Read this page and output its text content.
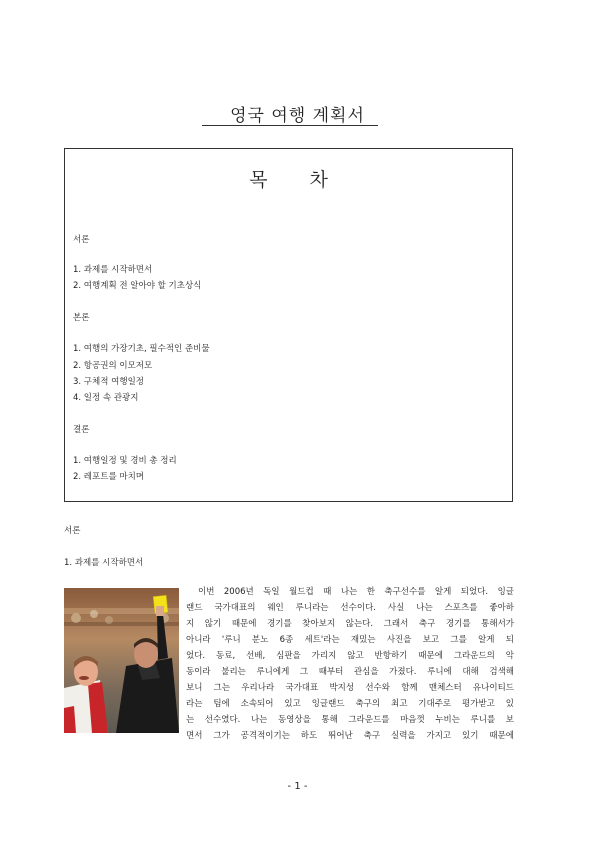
영국 여행 계획서
목 차
서론
1. 과제를 시작하면서
2. 여행계획 전 알아야 할 기초상식
본론
1. 여행의 가장기초, 필수적인 준비물
2. 항공권의 이모저모
3. 구체적 여행일정
4. 일정 속 관광지
결론
1. 여행일정 및 경비 총 정리
2. 레포트를 마치며
서론
1. 과제를 시작하면서
이번 2006년 독일 월드컵 때 나는 한 축구선수를 알게 되었다. 잉글
랜드 국가대표의 웨인 루니라는 선수이다. 사실 나는 스포츠를 좋아하
지 않기 때문에 경기를 찾아보지 않는다. 그래서 축구 경기를 통해서가
아니라 '루니 분노 6종 세트'라는 재밌는 사진을 보고 그를 알게 되
었다. 동료, 선배, 심판을 가리지 않고 반항하기 때문에 그라운드의 악
동이라 불리는 루니에게 그 때부터 관심을 가졌다. 루니에 대해 검색해
보니 그는 우리나라 국가대표 박지성 선수와 함께 맨체스터 유나이티드
라는 팀에 소속되어 있고 잉글랜드 축구의 최고 기대주로 평가받고 있
는 선수였다. 나는 동영상을 통해 그라운드를 마음껏 누비는 루니를 보
면서 그가 공격적이기는 하도 뛰어난 축구 실력을 가지고 있기 때문에
- 1 -
